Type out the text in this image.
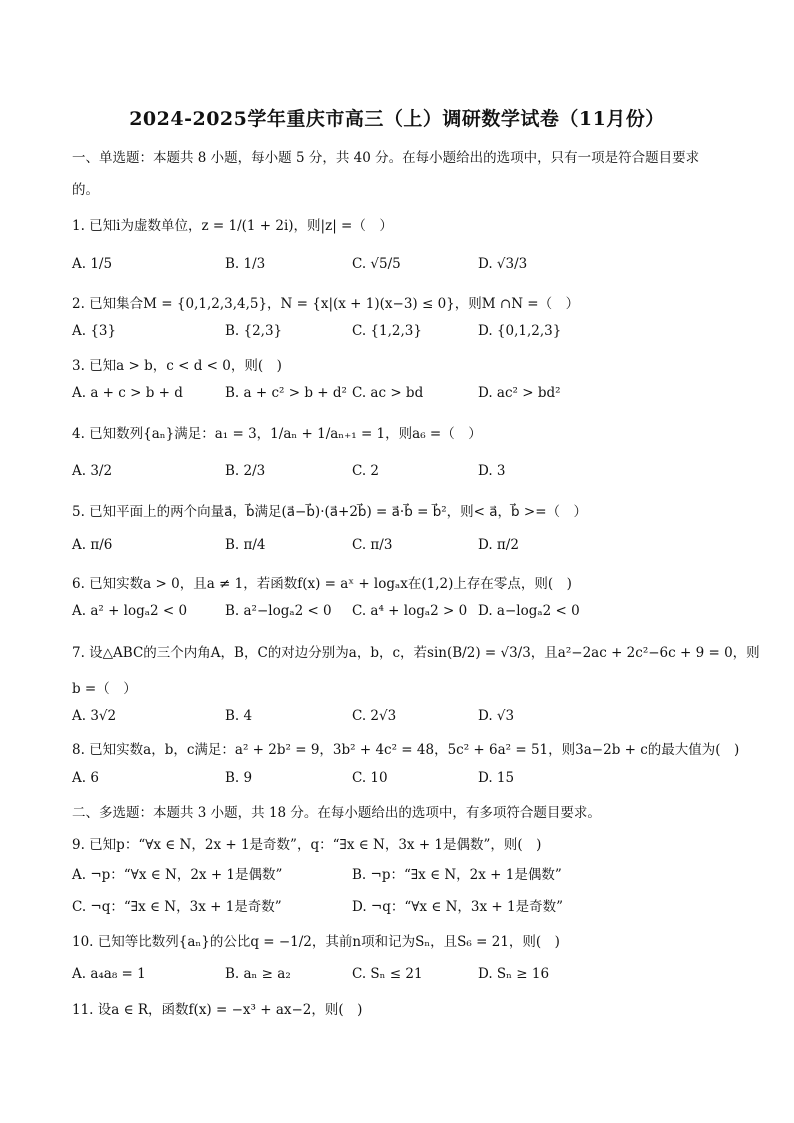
2024-2025学年重庆市高三（上）调研数学试卷（11月份）
一、单选题：本题共 8 小题，每小题 5 分，共 40 分。在每小题给出的选项中，只有一项是符合题目要求
的。
1. 已知i为虚数单位，z = 1/(1 + 2i)，则|z| =（　）
A. 1/5	B. 1/3	C. √5/5	D. √3/3
2. 已知集合M = {0,1,2,3,4,5}，N = {x|(x + 1)(x−3) ≤ 0}，则M ∩N =（　）
A. {3}	B. {2,3}	C. {1,2,3}	D. {0,1,2,3}
3. 已知a > b，c < d < 0，则(　)
A. a + c > b + d	B. a + c² > b + d² C. ac > bd	D. ac² > bd²
4. 已知数列{aₙ}满足：a₁ = 3，1/aₙ + 1/aₙ₊₁ = 1，则a₆ =（　）
A. 3/2	B. 2/3	C. 2	D. 3
5. 已知平面上的两个向量a⃗，b⃗满足(a⃗−b⃗)·(a⃗+2b⃗) = a⃗·b⃗ = b⃗²，则< a⃗，b⃗ >=（　）
A. π/6	B. π/4	C. π/3	D. π/2
6. 已知实数a > 0，且a ≠ 1，若函数f(x) = aˣ + logₐx在(1,2)上存在零点，则(　)
A. a² + logₐ2 < 0	B. a²−logₐ2 < 0 C. a⁴ + logₐ2 > 0 D. a−logₐ2 < 0
7. 设△ABC的三个内角A，B，C的对边分别为a，b，c，若sin(B/2) = √3/3，且a²−2ac + 2c²−6c + 9 = 0，则
b =（　）
A. 3√2	B. 4	C. 2√3	D. √3
8. 已知实数a，b，c满足：a² + 2b² = 9，3b² + 4c² = 48，5c² + 6a² = 51，则3a−2b + c的最大值为(　)
A. 6	B. 9	C. 10	D. 15
二、多选题：本题共 3 小题，共 18 分。在每小题给出的选项中，有多项符合题目要求。
9. 已知p：“∀x ∈ N，2x + 1是奇数”，q：“∃x ∈ N，3x + 1是偶数”，则(　)
A. ¬p：“∀x ∈ N，2x + 1是偶数”	B. ¬p：“∃x ∈ N，2x + 1是偶数”
C. ¬q：“∃x ∈ N，3x + 1是奇数”	D. ¬q：“∀x ∈ N，3x + 1是奇数”
10. 已知等比数列{aₙ}的公比q = −1/2，其前n项和记为Sₙ，且S₆ = 21，则(　)
A. a₄a₈ = 1	B. aₙ ≥ a₂	C. Sₙ ≤ 21	D. Sₙ ≥ 16
11. 设a ∈ R，函数f(x) = −x³ + ax−2，则(　)
